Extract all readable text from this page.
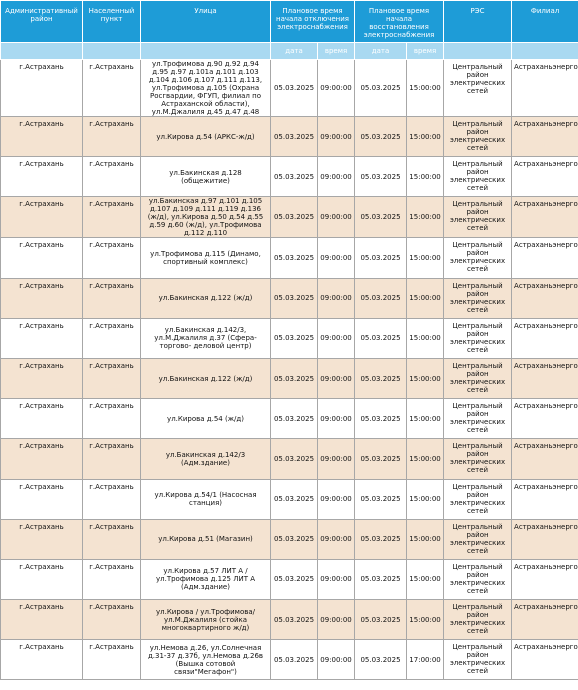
Административный район	Населенный пункт	Улица	Плановое время начала отключения электроснабжения		Плановое время начала восстановления электроснабжения		РЭС	Филиал
			дата	время	дата	время		
г.Астрахань	г.Астрахань	ул.Трофимова д.90 д.92 д.94 д.95 д.97 д.101а д.101 д.103 д.104 д.106 д.107 д.111 д.113, ул.Трофимова д.105 (Охрана Росгвардии, ФГУП, филиал по Астраханской области), ул.М.Джалиля д.45 д.47 д.48	05.03.2025	09:00:00	05.03.2025	15:00:00	Центральный район электрических сетей	Астраханьэнерго
г.Астрахань	г.Астрахань	ул.Кирова д.54 (АРКС-ж/д)	05.03.2025	09:00:00	05.03.2025	15:00:00	Центральный район электрических сетей	Астраханьэнерго
г.Астрахань	г.Астрахань	ул.Бакинская д.128 (общежитие)	05.03.2025	09:00:00	05.03.2025	15:00:00	Центральный район электрических сетей	Астраханьэнерго
г.Астрахань	г.Астрахань	ул.Бакинская д.97 д.101 д.105 д.107 д.109 д.111 д.119 д.136 (ж/д), ул.Кирова д.50 д.54 д.55 д.59 д.60 (ж/д), ул.Трофимова д.112 д.110	05.03.2025	09:00:00	05.03.2025	15:00:00	Центральный район электрических сетей	Астраханьэнерго
г.Астрахань	г.Астрахань	ул.Трофимова д.115 (Динамо, спортивный комплекс)	05.03.2025	09:00:00	05.03.2025	15:00:00	Центральный район электрических сетей	Астраханьэнерго
г.Астрахань	г.Астрахань	ул.Бакинская д.122 (ж/д)	05.03.2025	09:00:00	05.03.2025	15:00:00	Центральный район электрических сетей	Астраханьэнерго
г.Астрахань	г.Астрахань	ул.Бакинская д.142/3, ул.М.Джалиля д.37 (Сфера-торгово- деловой центр)	05.03.2025	09:00:00	05.03.2025	15:00:00	Центральный район электрических сетей	Астраханьэнерго
г.Астрахань	г.Астрахань	ул.Бакинская д.122 (ж/д)	05.03.2025	09:00:00	05.03.2025	15:00:00	Центральный район электрических сетей	Астраханьэнерго
г.Астрахань	г.Астрахань	ул.Кирова д.54 (ж/д)	05.03.2025	09:00:00	05.03.2025	15:00:00	Центральный район электрических сетей	Астраханьэнерго
г.Астрахань	г.Астрахань	ул.Бакинская д.142/3 (Адм.здание)	05.03.2025	09:00:00	05.03.2025	15:00:00	Центральный район электрических сетей	Астраханьэнерго
г.Астрахань	г.Астрахань	ул.Кирова д.54/1 (Насосная станция)	05.03.2025	09:00:00	05.03.2025	15:00:00	Центральный район электрических сетей	Астраханьэнерго
г.Астрахань	г.Астрахань	ул.Кирова д.51 (Магазин)	05.03.2025	09:00:00	05.03.2025	15:00:00	Центральный район электрических сетей	Астраханьэнерго
г.Астрахань	г.Астрахань	ул.Кирова д.57 ЛИТ А / ул.Трофимова д.125 ЛИТ А (Адм.здание)	05.03.2025	09:00:00	05.03.2025	15:00:00	Центральный район электрических сетей	Астраханьэнерго
г.Астрахань	г.Астрахань	ул.Кирова / ул.Трофимова/ ул.М.Джалиля (стойка многоквартирного ж/д)	05.03.2025	09:00:00	05.03.2025	15:00:00	Центральный район электрических сетей	Астраханьэнерго
г.Астрахань	г.Астрахань	ул.Немова д.26, ул.Солнечная д.31-37 д.37б, ул.Немова д.26в (Вышка сотовой связи"Мегафон")	05.03.2025	09:00:00	05.03.2025	17:00:00	Центральный район электрических сетей	Астраханьэнерго
